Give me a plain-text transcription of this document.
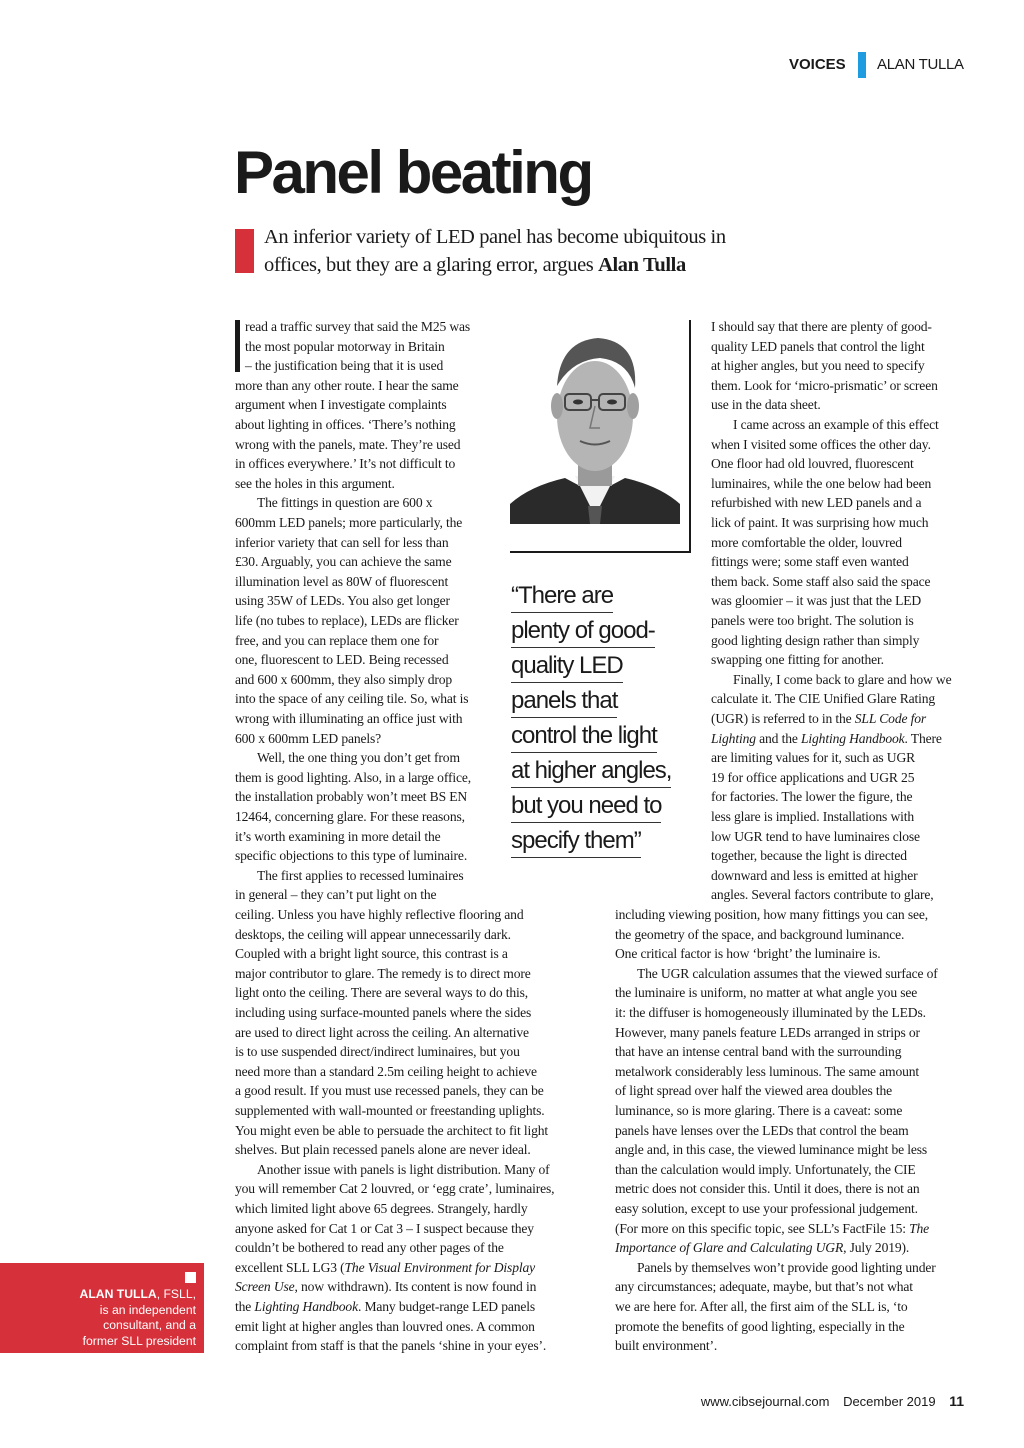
VOICES ALAN TULLA
Panel beating
An inferior variety of LED panel has become ubiquitous in
offices, but they are a glaring error, argues Alan Tulla
read a traffic survey that said the M25 was
the most popular motorway in Britain
– the justification being that it is used
more than any other route. I hear the same
argument when I investigate complaints
about lighting in offices. ‘There’s nothing
wrong with the panels, mate. They’re used
in offices everywhere.’ It’s not difficult to
see the holes in this argument.
The fittings in question are 600 x
600mm LED panels; more particularly, the
inferior variety that can sell for less than
£30. Arguably, you can achieve the same
illumination level as 80W of fluorescent
using 35W of LEDs. You also get longer
life (no tubes to replace), LEDs are flicker
free, and you can replace them one for
one, fluorescent to LED. Being recessed
and 600 x 600mm, they also simply drop
into the space of any ceiling tile. So, what is
wrong with illuminating an office just with
600 x 600mm LED panels?
Well, the one thing you don’t get from
them is good lighting. Also, in a large office,
the installation probably won’t meet BS EN
12464, concerning glare. For these reasons,
it’s worth examining in more detail the
specific objections to this type of luminaire.
The first applies to recessed luminaires
in general – they can’t put light on the
I should say that there are plenty of good-
quality LED panels that control the light
at higher angles, but you need to specify
them. Look for ‘micro-prismatic’ or screen
use in the data sheet.
I came across an example of this effect
when I visited some offices the other day.
One floor had old louvred, fluorescent
luminaires, while the one below had been
refurbished with new LED panels and a
lick of paint. It was surprising how much
more comfortable the older, louvred
fittings were; some staff even wanted
them back. Some staff also said the space
was gloomier – it was just that the LED
panels were too bright. The solution is
good lighting design rather than simply
swapping one fitting for another.
Finally, I come back to glare and how we
calculate it. The CIE Unified Glare Rating
(UGR) is referred to in the SLL Code for
Lighting and the Lighting Handbook. There
are limiting values for it, such as UGR
19 for office applications and UGR 25
for factories. The lower the figure, the
less glare is implied. Installations with
low UGR tend to have luminaires close
together, because the light is directed
downward and less is emitted at higher
angles. Several factors contribute to glare,
ceiling. Unless you have highly reflective flooring and
desktops, the ceiling will appear unnecessarily dark.
Coupled with a bright light source, this contrast is a
major contributor to glare. The remedy is to direct more
light onto the ceiling. There are several ways to do this,
including using surface-mounted panels where the sides
are used to direct light across the ceiling. An alternative
is to use suspended direct/indirect luminaires, but you
need more than a standard 2.5m ceiling height to achieve
a good result. If you must use recessed panels, they can be
supplemented with wall-mounted or freestanding uplights.
You might even be able to persuade the architect to fit light
shelves. But plain recessed panels alone are never ideal.
Another issue with panels is light distribution. Many of
you will remember Cat 2 louvred, or ‘egg crate’, luminaires,
which limited light above 65 degrees. Strangely, hardly
anyone asked for Cat 1 or Cat 3 – I suspect because they
couldn’t be bothered to read any other pages of the
excellent SLL LG3 (The Visual Environment for Display
Screen Use, now withdrawn). Its content is now found in
the Lighting Handbook. Many budget-range LED panels
emit light at higher angles than louvred ones. A common
complaint from staff is that the panels ‘shine in your eyes’.
including viewing position, how many fittings you can see,
the geometry of the space, and background luminance.
One critical factor is how ‘bright’ the luminaire is.
The UGR calculation assumes that the viewed surface of
the luminaire is uniform, no matter at what angle you see
it: the diffuser is homogeneously illuminated by the LEDs.
However, many panels feature LEDs arranged in strips or
that have an intense central band with the surrounding
metalwork considerably less luminous. The same amount
of light spread over half the viewed area doubles the
luminance, so is more glaring. There is a caveat: some
panels have lenses over the LEDs that control the beam
angle and, in this case, the viewed luminance might be less
than the calculation would imply. Unfortunately, the CIE
metric does not consider this. Until it does, there is not an
easy solution, except to use your professional judgement.
(For more on this specific topic, see SLL’s FactFile 15: The
Importance of Glare and Calculating UGR, July 2019).
Panels by themselves won’t provide good lighting under
any circumstances; adequate, maybe, but that’s not what
we are here for. After all, the first aim of the SLL is, ‘to
promote the benefits of good lighting, especially in the
built environment’.
“There are
plenty of good-
quality LED
panels that
control the light
at higher angles,
but you need to
specify them”
ALAN TULLA, FSLL,
is an independent
consultant, and a
former SLL president
www.cibsejournal.com December 2019 11
